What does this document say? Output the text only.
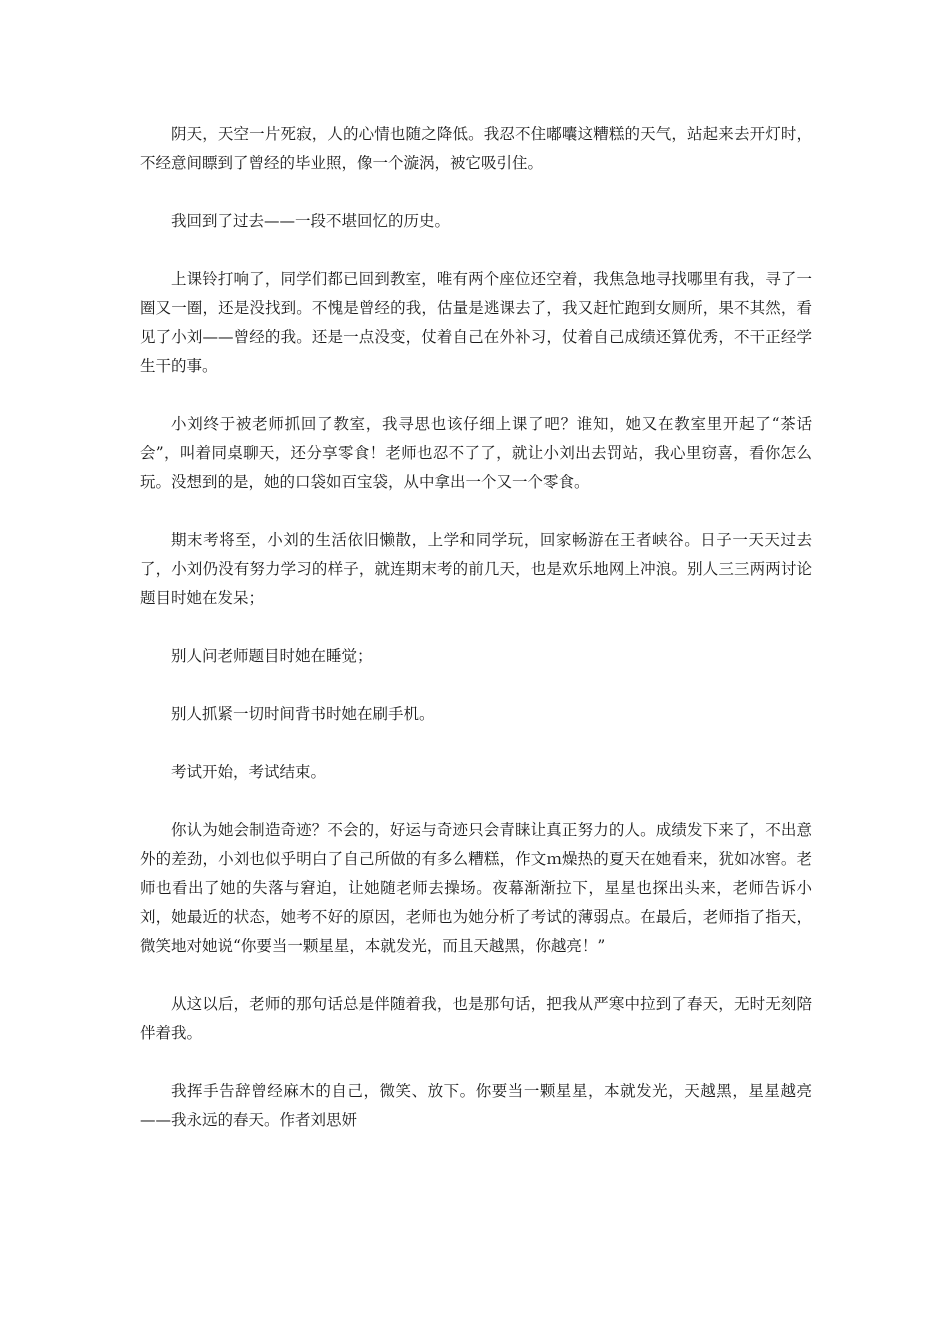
阴天，天空一片死寂，人的心情也随之降低。我忍不住嘟囔这糟糕的天气，站起来去开灯时，不经意间瞟到了曾经的毕业照，像一个漩涡，被它吸引住。

我回到了过去——一段不堪回忆的历史。

上课铃打响了，同学们都已回到教室，唯有两个座位还空着，我焦急地寻找哪里有我，寻了一圈又一圈，还是没找到。不愧是曾经的我，估量是逃课去了，我又赶忙跑到女厕所，果不其然，看见了小刘——曾经的我。还是一点没变，仗着自己在外补习，仗着自己成绩还算优秀，不干正经学生干的事。

小刘终于被老师抓回了教室，我寻思也该仔细上课了吧？谁知，她又在教室里开起了“茶话会”，叫着同桌聊天，还分享零食！老师也忍不了了，就让小刘出去罚站，我心里窃喜，看你怎么玩。没想到的是，她的口袋如百宝袋，从中拿出一个又一个零食。

期末考将至，小刘的生活依旧懒散，上学和同学玩，回家畅游在王者峡谷。日子一天天过去了，小刘仍没有努力学习的样子，就连期末考的前几天，也是欢乐地网上冲浪。别人三三两两讨论题目时她在发呆；

别人问老师题目时她在睡觉；

别人抓紧一切时间背书时她在刷手机。

考试开始，考试结束。

你认为她会制造奇迹？不会的，好运与奇迹只会青睐让真正努力的人。成绩发下来了，不出意外的差劲，小刘也似乎明白了自己所做的有多么糟糕，作文ｍ燥热的夏天在她看来，犹如冰窖。老师也看出了她的失落与窘迫，让她随老师去操场。夜幕渐渐拉下，星星也探出头来，老师告诉小刘，她最近的状态，她考不好的原因，老师也为她分析了考试的薄弱点。在最后，老师指了指天，微笑地对她说“你要当一颗星星，本就发光，而且天越黑，你越亮！”

从这以后，老师的那句话总是伴随着我，也是那句话，把我从严寒中拉到了春天，无时无刻陪伴着我。

我挥手告辞曾经麻木的自己，微笑、放下。你要当一颗星星，本就发光，天越黑，星星越亮——我永远的春天。作者刘思妍
